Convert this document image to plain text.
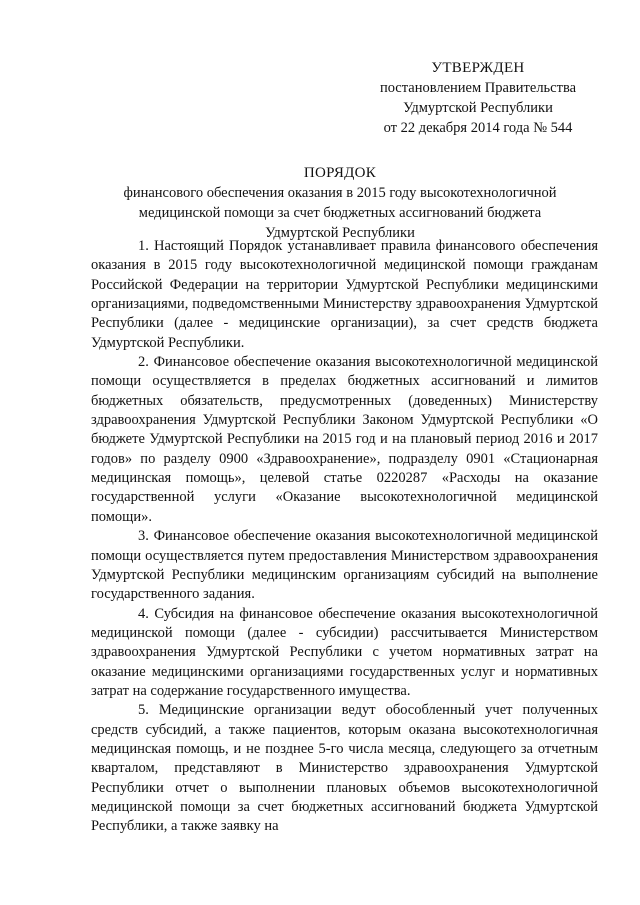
УТВЕРЖДЕН
постановлением Правительства
Удмуртской Республики
от 22 декабря 2014 года № 544
ПОРЯДОК
финансового обеспечения оказания в 2015 году высокотехнологичной
медицинской помощи за счет бюджетных ассигнований бюджета
Удмуртской Республики

1. Настоящий Порядок устанавливает правила финансового обеспечения оказания в 2015 году высокотехнологичной медицинской помощи гражданам Российской Федерации на территории Удмуртской Республики медицинскими организациями, подведомственными Министерству здравоохранения Удмуртской Республики (далее - медицинские организации), за счет средств бюджета Удмуртской Республики.

2. Финансовое обеспечение оказания высокотехнологичной медицинской помощи осуществляется в пределах бюджетных ассигнований и лимитов бюджетных обязательств, предусмотренных (доведенных) Министерству здравоохранения Удмуртской Республики Законом Удмуртской Республики «О бюджете Удмуртской Республики на 2015 год и на плановый период 2016 и 2017 годов» по разделу 0900 «Здравоохранение», подразделу 0901 «Стационарная медицинская помощь», целевой статье 0220287 «Расходы на оказание государственной услуги «Оказание высокотехнологичной медицинской помощи».

3. Финансовое обеспечение оказания высокотехнологичной медицинской помощи осуществляется путем предоставления Министерством здравоохранения Удмуртской Республики медицинским организациям субсидий на выполнение государственного задания.

4. Субсидия на финансовое обеспечение оказания высокотехнологичной медицинской помощи (далее - субсидии) рассчитывается Министерством здравоохранения Удмуртской Республики с учетом нормативных затрат на оказание медицинскими организациями государственных услуг и нормативных затрат на содержание государственного имущества.

5. Медицинские организации ведут обособленный учет полученных средств субсидий, а также пациентов, которым оказана высокотехнологичная медицинская помощь, и не позднее 5-го числа месяца, следующего за отчетным кварталом, представляют в Министерство здравоохранения Удмуртской Республики отчет о выполнении плановых объемов высокотехнологичной медицинской помощи за счет бюджетных ассигнований бюджета Удмуртской Республики, а также заявку на
